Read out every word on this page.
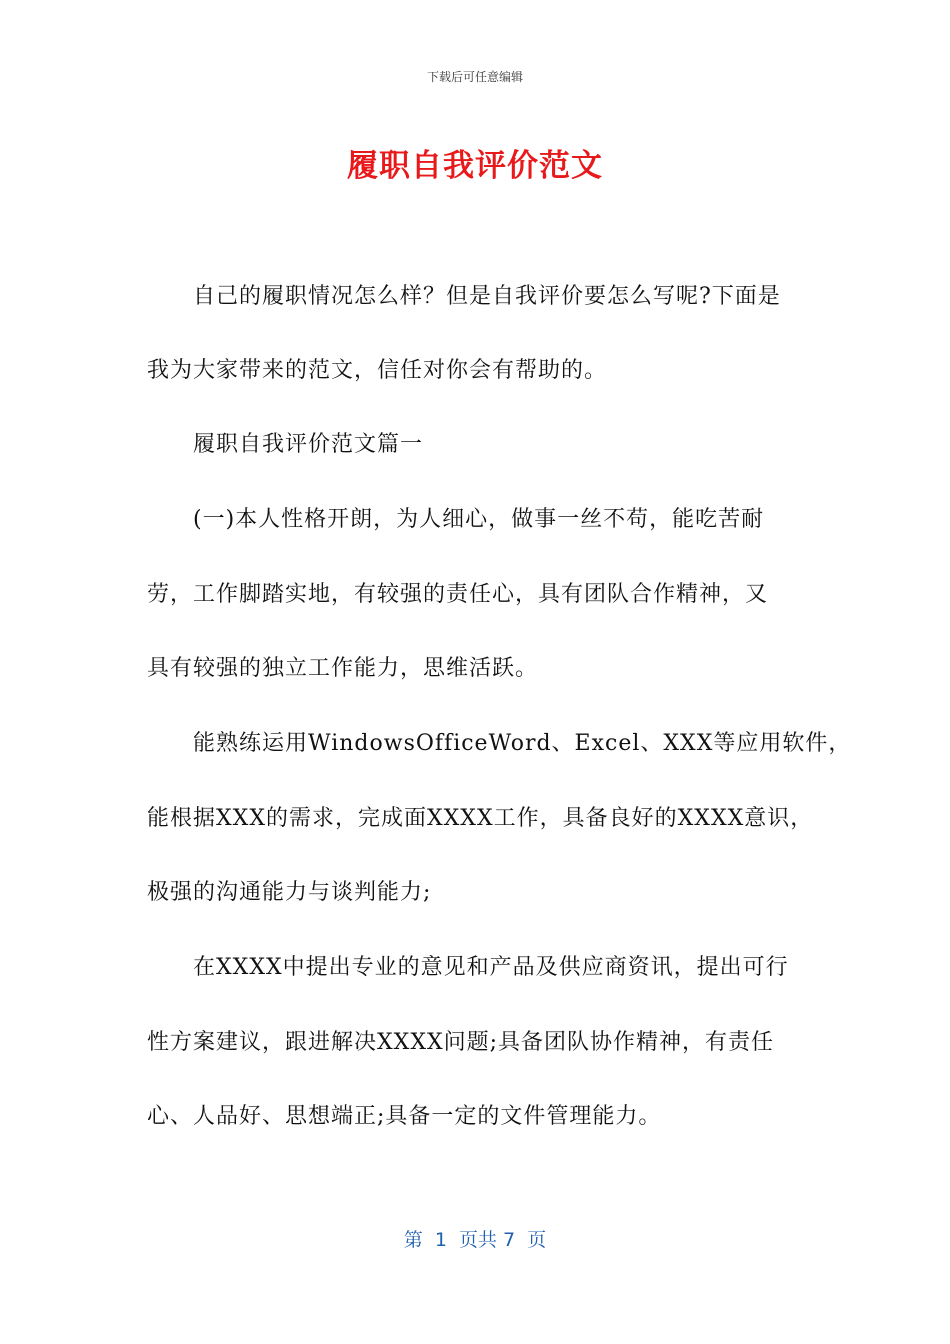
下载后可任意编辑
履职自我评价范文
自己的履职情况怎么样？但是自我评价要怎么写呢?下面是
我为大家带来的范文，信任对你会有帮助的。
履职自我评价范文篇一
(一)本人性格开朗，为人细心，做事一丝不苟，能吃苦耐
劳，工作脚踏实地，有较强的责任心，具有团队合作精神，又
具有较强的独立工作能力，思维活跃。
能熟练运用WindowsOfficeWord、Excel、XXX等应用软件，
能根据XXX的需求，完成面XXXX工作，具备良好的XXXX意识，
极强的沟通能力与谈判能力;
在XXXX中提出专业的意见和产品及供应商资讯，提出可行
性方案建议，跟进解决XXXX问题;具备团队协作精神，有责任
心、人品好、思想端正;具备一定的文件管理能力。
第  1  页共 7  页
